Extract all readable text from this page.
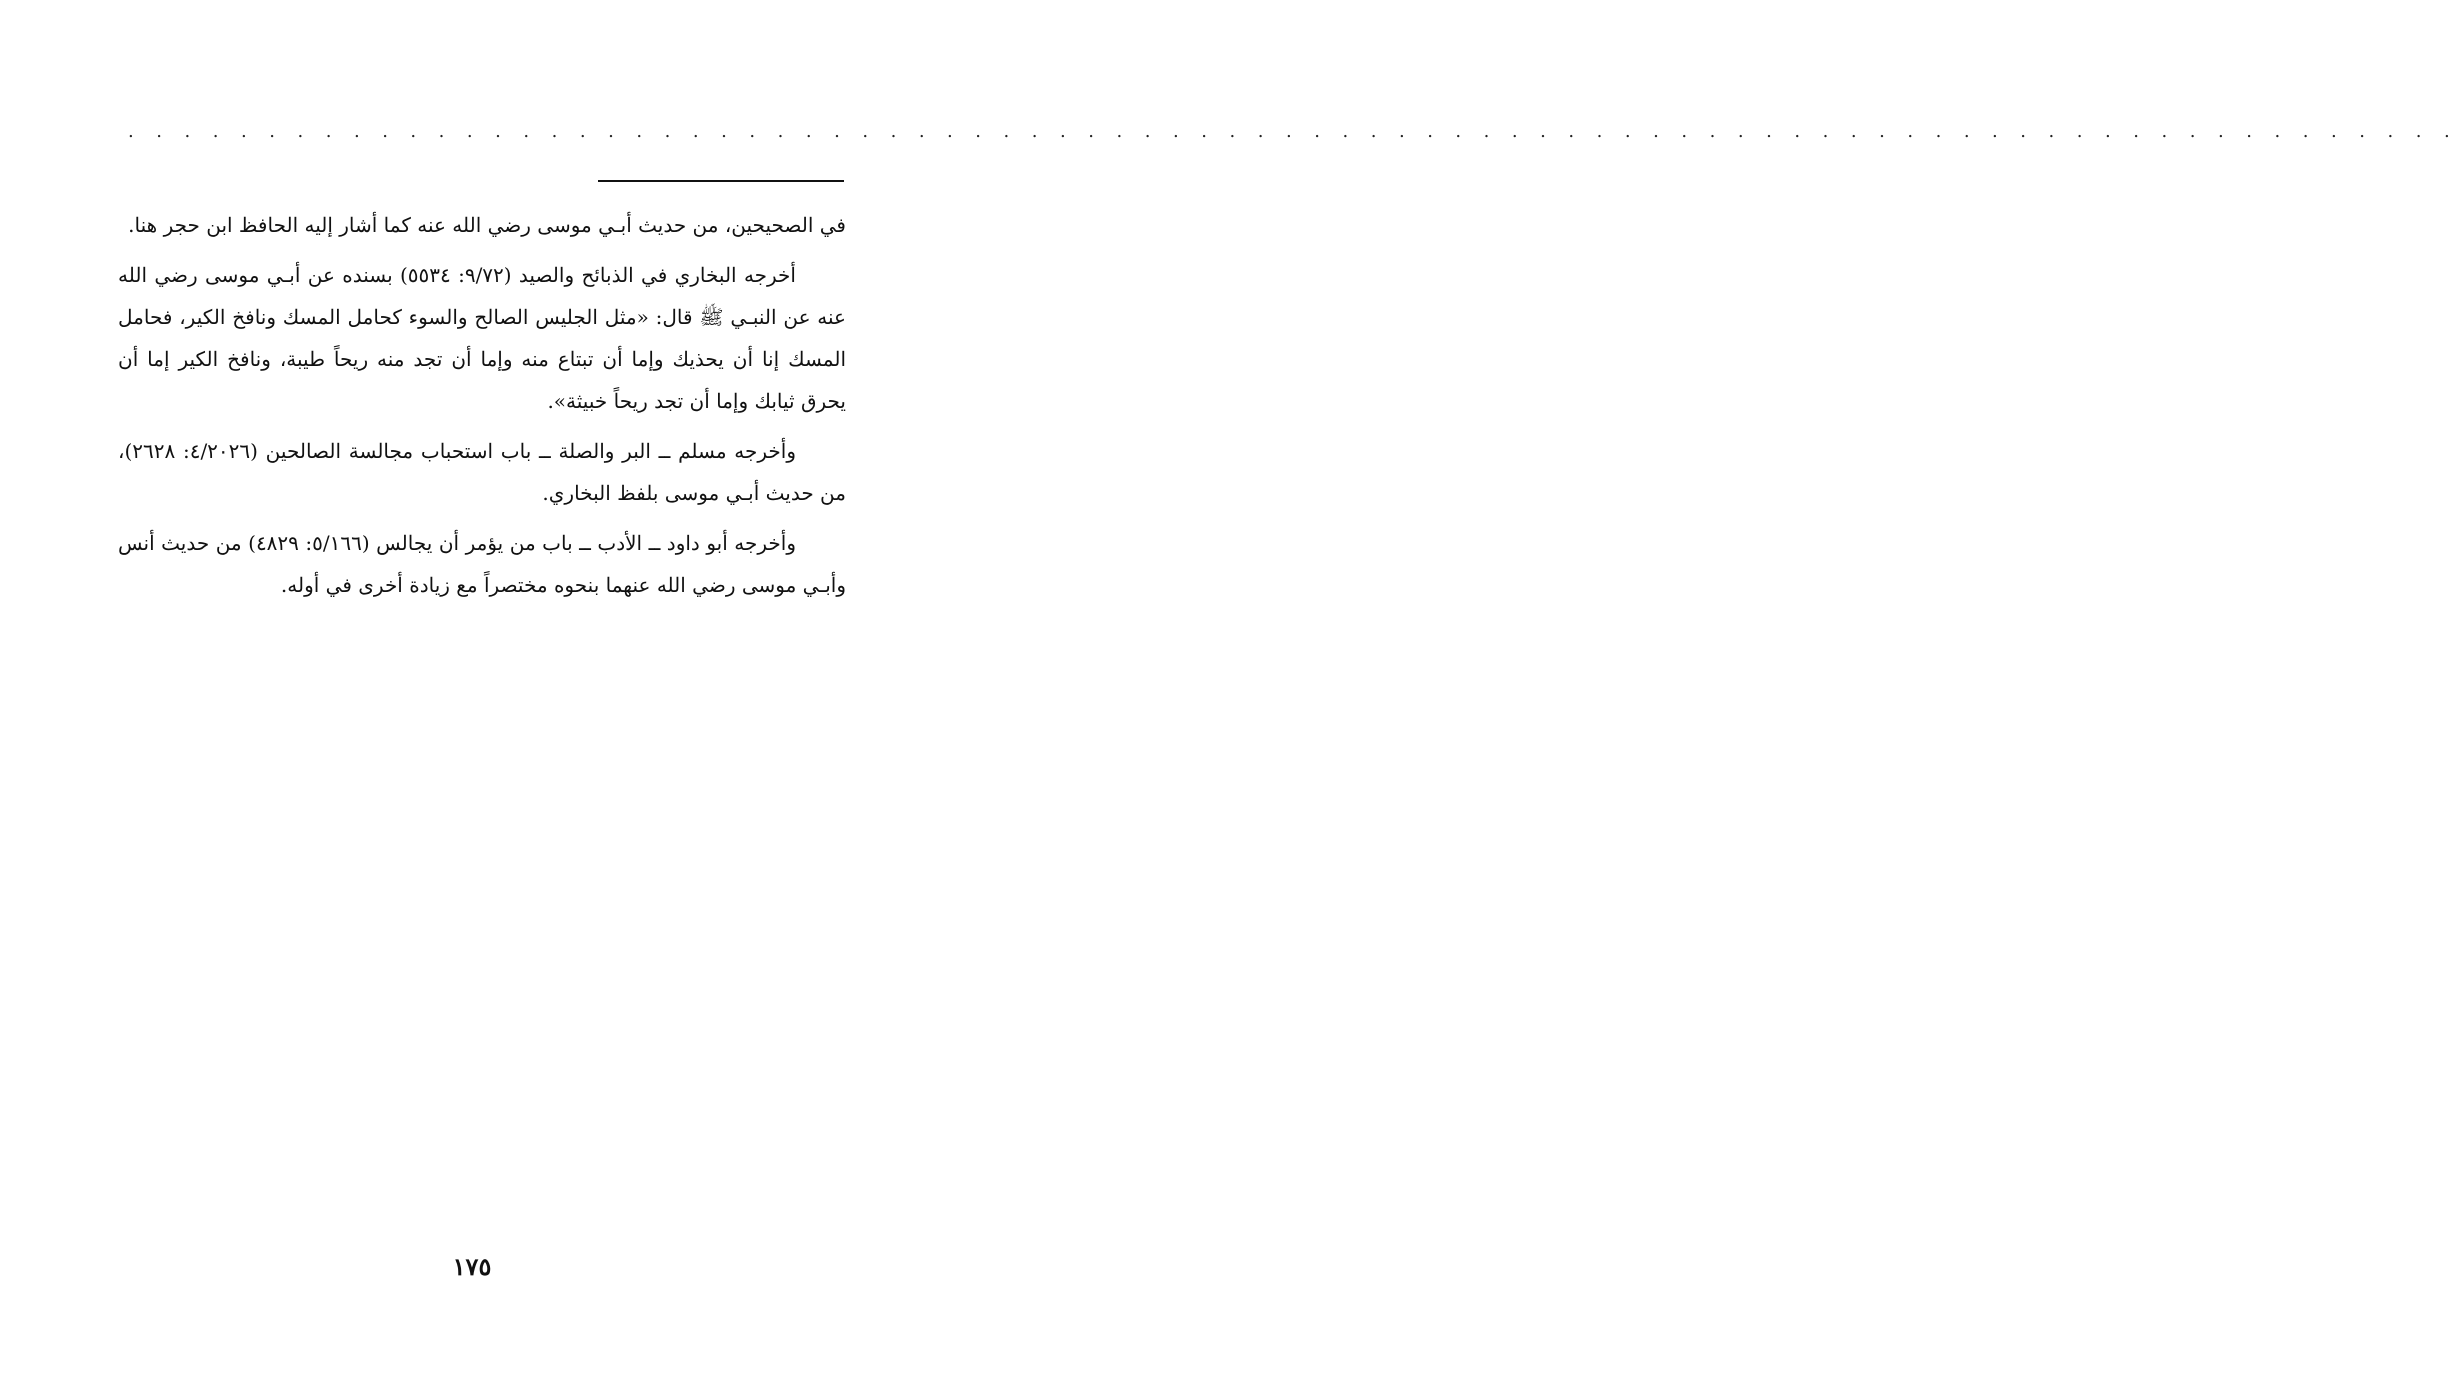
. . . . . . . . . . . . . . . . . . . . . . . . . . . . . . . . . . . . . . . . . . . . . . . . . . . . . . . . . . . . . . . . . . . . . . . . . . . . . . . . . . .

في الصحيحين، من حديث أبـي موسى رضي الله عنه كما أشار إليه الحافظ ابن حجر هنا.

أخرجه البخاري في الذبائح والصيد (٩/٧٢: ٥٥٣٤) بسنده عن أبـي موسى رضي الله عنه عن النبـي ﷺ قال: «مثل الجليس الصالح والسوء كحامل المسك ونافخ الكير، فحامل المسك إنا أن يحذيك وإما أن تبتاع منه وإما أن تجد منه ريحاً طيبة، ونافخ الكير إما أن يحرق ثيابك وإما أن تجد ريحاً خبيثة».

وأخرجه مسلم ــ البر والصلة ــ باب استحباب مجالسة الصالحين (٤/٢٠٢٦: ٢٦٢٨)، من حديث أبـي موسى بلفظ البخاري.

وأخرجه أبو داود ــ الأدب ــ باب من يؤمر أن يجالس (٥/١٦٦: ٤٨٢٩) من حديث أنس وأبـي موسى رضي الله عنهما بنحوه مختصراً مع زيادة أخرى في أوله.

١٧٥
